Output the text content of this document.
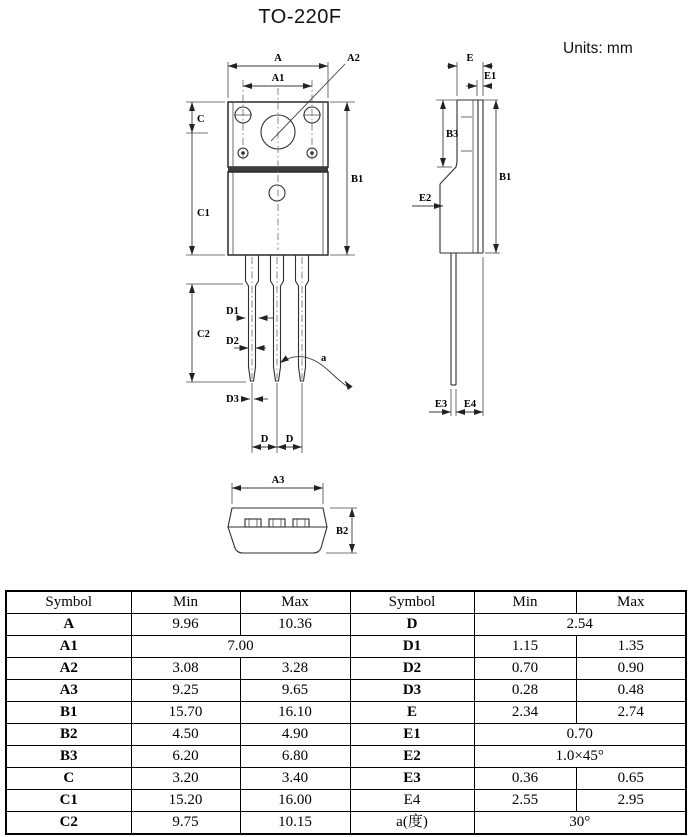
TO-220F
Units: mm
A
A1
A2
C
C1
C2
B1
D1
D2
D3
D D
a
E
E1
B3
B1
E2
E3 E4
A3
B2
Symbol	Min	Max	Symbol	Min	Max
A	9.96	10.36	D	2.54	
A1	7.00		D1	1.15	1.35
A2	3.08	3.28	D2	0.70	0.90
A3	9.25	9.65	D3	0.28	0.48
B1	15.70	16.10	E	2.34	2.74
B2	4.50	4.90	E1	0.70	
B3	6.20	6.80	E2	1.0×45°	
C	3.20	3.40	E3	0.36	0.65
C1	15.20	16.00	E4	2.55	2.95
C2	9.75	10.15	a(度)	30°	
